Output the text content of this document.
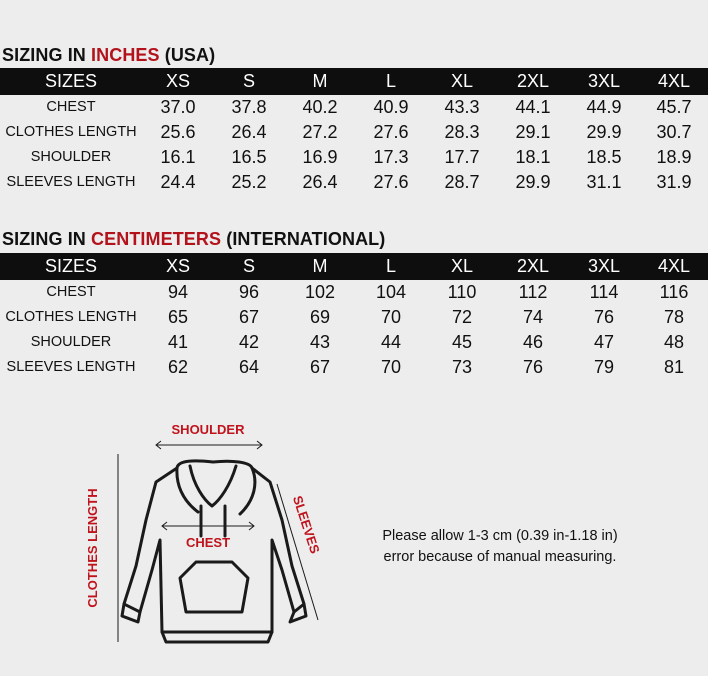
SIZING IN INCHES (USA)
SIZES	XS	S	M	L	XL	2XL	3XL	4XL
CHEST	37.0	37.8	40.2	40.9	43.3	44.1	44.9	45.7
CLOTHES LENGTH	25.6	26.4	27.2	27.6	28.3	29.1	29.9	30.7
SHOULDER	16.1	16.5	16.9	17.3	17.7	18.1	18.5	18.9
SLEEVES LENGTH	24.4	25.2	26.4	27.6	28.7	29.9	31.1	31.9
SIZING IN CENTIMETERS (INTERNATIONAL)
SIZES	XS	S	M	L	XL	2XL	3XL	4XL
CHEST	94	96	102	104	110	112	114	116
CLOTHES LENGTH	65	67	69	70	72	74	76	78
SHOULDER	41	42	43	44	45	46	47	48
SLEEVES LENGTH	62	64	67	70	73	76	79	81
SHOULDER
CHEST	SLEEVES
CLOTHES LENGTH	Please allow 1-3 cm (0.39 in-1.18 in)
error because of manual measuring.
